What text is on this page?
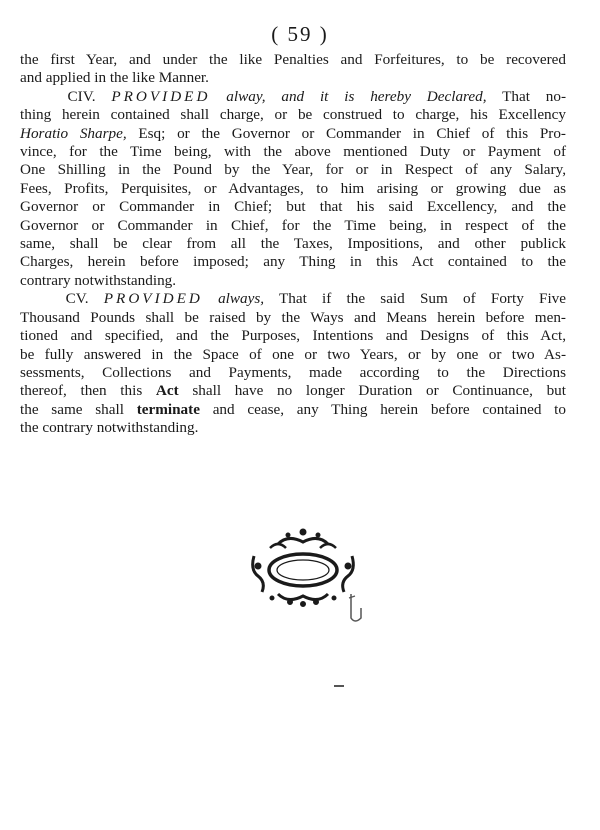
( 59 )
the first Year, and under the like Penalties and Forfeitures, to be recovered
and applied in the like Manner.
CIV. PROVIDED alway, and it is hereby Declared, That no-
thing herein contained shall charge, or be construed to charge, his Excellency
Horatio Sharpe, Esq; or the Governor or Commander in Chief of this Pro-
vince, for the Time being, with the above mentioned Duty or Payment of
One Shilling in the Pound by the Year, for or in Respect of any Salary,
Fees, Profits, Perquisites, or Advantages, to him arising or growing due as
Governor or Commander in Chief; but that his said Excellency, and the
Governor or Commander in Chief, for the Time being, in respect of the
same, shall be clear from all the Taxes, Impositions, and other publick
Charges, herein before imposed; any Thing in this Act contained to the
contrary notwithstanding.
CV. PROVIDED always, That if the said Sum of Forty Five
Thousand Pounds shall be raised by the Ways and Means herein before men-
tioned and specified, and the Purposes, Intentions and Designs of this Act,
be fully answered in the Space of one or two Years, or by one or two As-
sessments, Collections and Payments, made according to the Directions
thereof, then this Act shall have no longer Duration or Continuance, but
the same shall terminate and cease, any Thing herein before contained to
the contrary notwithstanding.
